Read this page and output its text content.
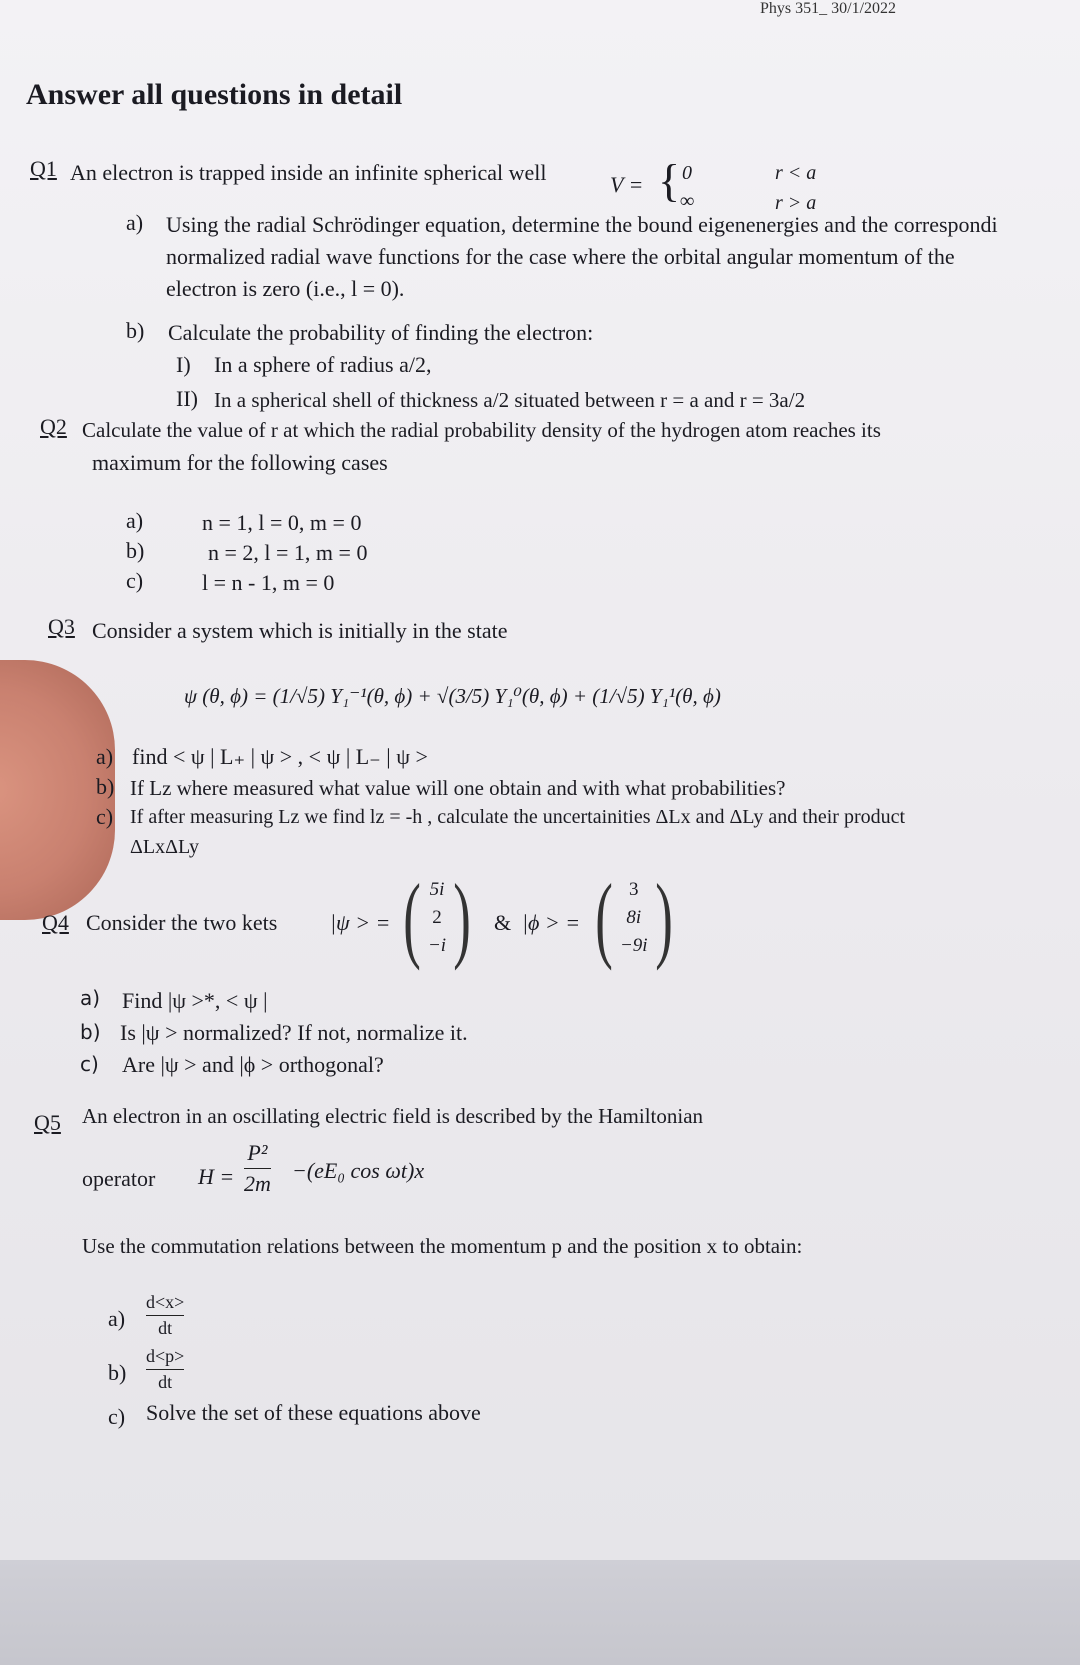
Phys 351_ 30/1/2022
Answer all questions in detail
Q1 An electron is trapped inside an infinite spherical well	V = { 0	r < a
∞	r > a
a) Using the radial Schrödinger equation, determine the bound eigenenergies and the correspondi
normalized radial wave functions for the case where the orbital angular momentum of the
electron is zero (i.e., l = 0).
b) Calculate the probability of finding the electron:
I) In a sphere of radius a/2,
II) In a spherical shell of thickness a/2 situated between r = a and r = 3a/2
Q2 Calculate the value of r at which the radial probability density of the hydrogen atom reaches its
maximum for the following cases
a)	n = 1, l = 0, m = 0
b)	n = 2, l = 1, m = 0
c)	l = n - 1, m = 0
Q3 Consider a system which is initially in the state
ψ (θ, ϕ) = (1/√5) Y₁⁻¹(θ, ϕ) + √(3/5) Y₁⁰(θ, ϕ) + (1/√5) Y₁¹(θ, ϕ)
a) find < ψ | L₊ | ψ > , < ψ | L₋ | ψ >
b) If Lz where measured what value will one obtain and with what probabilities?
c) If after measuring Lz we find lz = -h , calculate the uncertainities ΔLx and ΔLy and their product
ΔLxΔLy
Q4 Consider the two kets |ψ > = ( 5i
2
−i ) & |ϕ > = ( 3
8i
−9i )
a) Find |ψ >*, < ψ |
b) Is |ψ > normalized? If not, normalize it.
c) Are |ψ > and |ϕ > orthogonal?
Q5 An electron in an oscillating electric field is described by the Hamiltonian
operator H =
P²
2m
−(eE₀ cos ωt)x
Use the commutation relations between the momentum p and the position x to obtain:
a)
d<x>
dt
b)
d<p>
dt
c) Solve the set of these equations above
